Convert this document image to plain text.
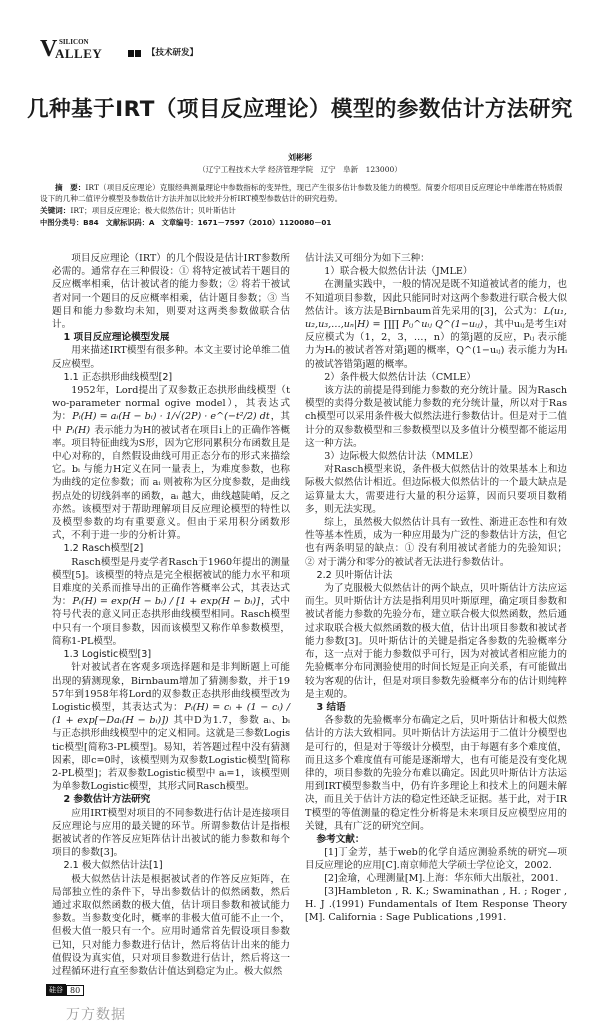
V SILICON
ALLEY	【技术研发】
几种基于IRT（项目反应理论）模型的参数估计方法研究
刘彬彬
（辽宁工程技术大学 经济管理学院　辽宁　阜新　123000）
摘　要：IRT（项目反应理论）克服经典测量理论中参数指标的变异性，现已产生很多估计参数及能力的模型。简要介绍项目反应理论中单维潜在特质假设下的几种二值评分模型及参数估计方法并加以比较并分析IRT模型参数估计的研究趋势。
关键词：IRT；项目反应理论；极大似然估计；贝叶斯估计
中图分类号：B84　文献标识码：A　文章编号：1671－7597（2010）1120080－01

项目反应理论（IRT）的几个假设是估计IRT参数所必需的。通常存在三种假设：① 将特定被试若干题目的反应概率相乘，估计被试者的能力参数；② 将若干被试者对同一个题目的反应概率相乘，估计题目参数；③ 当题目和能力参数均未知，则要对这两类参数做联合估计。

1 项目反应理论模型发展

用来描述IRT模型有很多种。本文主要讨论单维二值反应模型。

1.1 正态拱形曲线模型[2]

1952年，Lord提出了双参数正态拱形曲线模型（two-parameter normal ogive model），其表达式为：Pᵢ(H) = aᵢ(H − bᵢ) · 1/√(2P) · e^(−t²/2) dt，其中 Pᵢ(H) 表示能力为H的被试者在项目i上的正确作答概率。项目特征曲线为S形，因为它形同累积分布函数且是中心对称的，自然假设曲线可用正态分布的形式来描绘它。bᵢ 与能力H定义在同一量表上，为难度参数，也称为曲线的定位参数；而 aᵢ 则被称为区分度参数，是曲线拐点处的切线斜率的函数，aᵢ 越大，曲线越陡峭，反之亦然。该模型对于帮助理解项目反应理论模型的特性以及模型参数的均有重要意义。但由于采用积分函数形式，不利于进一步的分析计算。

1.2 Rasch模型[2]

Rasch模型是丹麦学者Rasch于1960年提出的测量模型[5]。该模型的特点是完全根据被试的能力水平和项目难度的关系而推导出的正确作答概率公式，其表达式为：Pᵢ(H) = exp(H − bᵢ) / [1 + exp(H − bᵢ)]，式中符号代表的意义同正态拱形曲线模型相同。Rasch模型中只有一个项目参数，因而该模型又称作单参数模型，简称1-PL模型。

1.3 Logistic模型[3]

针对被试者在客观多项选择题和是非判断题上可能出现的猜测现象，Birnbaum增加了猜测参数，并于1957年到1958年将Lord的双参数正态拱形曲线模型改为Logistic模型，其表达式为：Pᵢ(H) = cᵢ + (1 − cᵢ) / (1 + exp[−Daᵢ(H − bᵢ)]) 其中D为1.7，参数 aᵢ、bᵢ 与正态拱形曲线模型中的定义相同。这就是三参数Logistic模型[简称3-PL模型]。易知，若答题过程中没有猜测因素，即c=0时，该模型则为双参数Logistic模型[简称2-PL模型]；若双参数Logistic模型中 aᵢ=1，该模型则为单参数Logistic模型，其形式同Rasch模型。

2 参数估计方法研究

应用IRT模型对项目的不同参数进行估计是连接项目反应理论与应用的最关键的环节。所谓参数估计是指根据被试者的作答反应矩阵估计出被试的能力参数和每个项目的参数[3]。

2.1 极大似然估计法[1]

极大似然估计法是根据被试者的作答反应矩阵，在局部独立性的条件下，导出参数估计的似然函数，然后通过求取似然函数的极大值，估计项目参数和被试能力参数。当参数变化时，概率的非极大值可能不止一个，但极大值一般只有一个。应用时通常首先假设项目参数已知，只对能力参数进行估计，然后将估计出来的能力值假设为真实值，只对项目参数进行估计，然后将这一过程循环进行直至参数估计值达到稳定为止。极大似然

估计法又可细分为如下三种：

1）联合极大似然估计法（JMLE）

在测量实践中，一般的情况是既不知道被试者的能力，也不知道项目参数，因此只能同时对这两个参数进行联合极大似然估计。该方法是Birnbaum首先采用的[3]，公式为：L(u₁,u₂,u₃,…,uₙ|H) = ∏∏ Pᵢⱼ^uᵢⱼ Q^(1−uᵢⱼ)，其中uᵢⱼ是考生i对反应模式为（1，2，3，…，n）的第j题的反应，Pᵢⱼ 表示能力为Hᵢ的被试者答对第j题的概率，Q^(1−uᵢⱼ) 表示能力为Hᵢ的被试答错第j题的概率。

2）条件极大似然估计法（CMLE）

该方法的前提是得到能力参数的充分统计量。因为Rasch模型的卖得分数是被试能力参数的充分统计量，所以对于Rasch模型可以采用条件极大似然法进行参数估计。但是对于二值计分的双参数模型和三参数模型以及多值计分模型都不能运用这一种方法。

3）边际极大似然估计法（MMLE）

对Rasch模型来说，条件极大似然估计的效果基本上和边际极大似然估计相近。但边际极大似然估计的一个最大缺点是运算量太大，需要进行大量的积分运算，因而只要项目数稍多，则无法实现。

综上，虽然极大似然估计具有一致性、渐进正态性和有效性等基本性质，成为一种应用最为广泛的参数估计方法，但它也有两条明显的缺点：① 没有利用被试者能力的先验知识；② 对于满分和零分的被试者无法进行参数估计。

2.2 贝叶斯估计法

为了克服极大似然估计的两个缺点，贝叶斯估计方法应运而生。贝叶斯估计方法是指利用贝叶斯原理，确定项目参数和被试者能力参数的先验分布，建立联合极大似然函数，然后通过求取联合极大似然函数的极大值，估计出项目参数和被试者能力参数[3]。贝叶斯估计的关键是指定各参数的先验概率分布，这一点对于能力参数似乎可行，因为对被试者相应能力的先验概率分布同测验使用的时间长短是正向关系，有可能做出较为客观的估计，但是对项目参数先验概率分布的估计则纯粹是主观的。

3 结语

各参数的先验概率分布确定之后，贝叶斯估计和极大似然估计的方法大致相同。贝叶斯估计方法运用于二值计分模型也是可行的，但是对于等级计分模型，由于每题有多个难度值，而且这多个难度值有可能是逐渐增大，也有可能是没有变化规律的，项目参数的先验分布难以确定。因此贝叶斯估计方法运用到IRT模型参数当中，仍有许多理论上和技术上的问题未解决，而且关于估计方法的稳定性还缺乏证据。基于此，对于IRT模型的等值测量的稳定性分析将是未来项目反应模型应用的关键，具有广泛的研究空间。

参考文献：

[1]丁金芳，基于web的化学自适应测验系统的研究—项目反应理论的应用[C].南京师范大学硕士学位论文，2002.

[2]金瑜，心理测量[M].上海：华东师大出版社，2001.

[3]Hambleton , R. K.; Swaminathan , H. ; Roger , H. J .(1991) Fundamentals of Item Response Theory [M]. California : Sage Publications ,1991.

硅谷 80
万方数据
